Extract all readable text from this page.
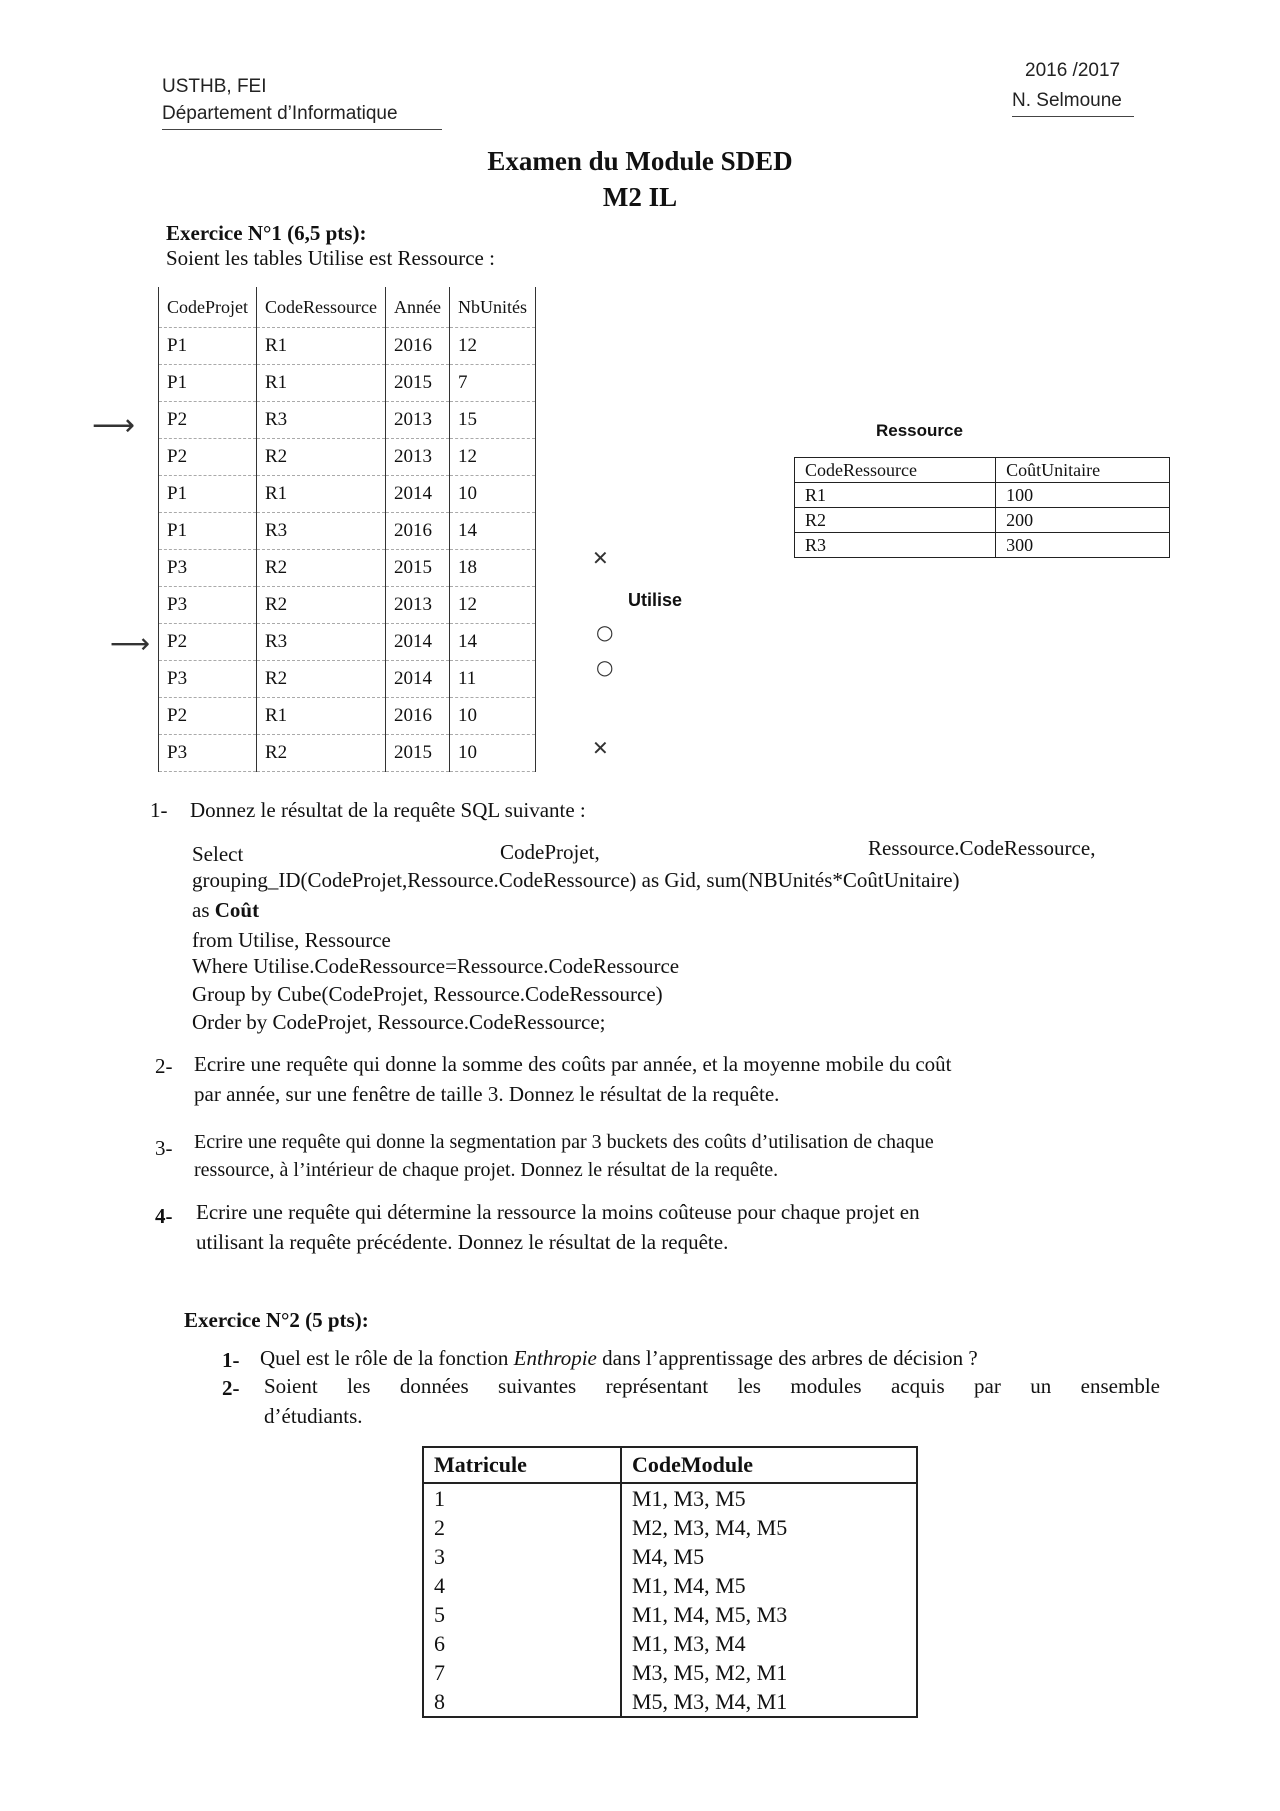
USTHB, FEI
Département d’Informatique
2016 /2017
N. Selmoune
Examen du Module SDED
M2 IL
Exercice N°1 (6,5 pts):
Soient les tables Utilise est Ressource :
CodeProjet	CodeRessource	Année	NbUnités
P1	R1	2016	12
P1	R1	2015	7
P2	R3	2013	15
P2	R2	2013	12
P1	R1	2014	10
P1	R3	2016	14
P3	R2	2015	18
P3	R2	2013	12
P2	R3	2014	14
P3	R2	2014	11
P2	R1	2016	10
P3	R2	2015	10
Utilise
⟶
⟶
✕
✕
○
○
Ressource
CodeRessource	CoûtUnitaire
R1	100
R2	200
R3	300
1- Donnez le résultat de la requête SQL suivante :
Select	CodeProjet,	Ressource.CodeRessource,
grouping_ID(CodeProjet,Ressource.CodeRessource) as Gid, sum(NBUnités*CoûtUnitaire)
as Coût
from Utilise, Ressource
Where Utilise.CodeRessource=Ressource.CodeRessource
Group by Cube(CodeProjet, Ressource.CodeRessource)
Order by CodeProjet, Ressource.CodeRessource;
2- Ecrire une requête qui donne la somme des coûts par année, et la moyenne mobile du coût
par année, sur une fenêtre de taille 3. Donnez le résultat de la requête.
3- Ecrire une requête qui donne la segmentation par 3 buckets des coûts d’utilisation de chaque
ressource, à l’intérieur de chaque projet. Donnez le résultat de la requête.
4- Ecrire une requête qui détermine la ressource la moins coûteuse pour chaque projet en
utilisant la requête précédente. Donnez le résultat de la requête.
Exercice N°2 (5 pts):
1- Quel est le rôle de la fonction Enthropie dans l’apprentissage des arbres de décision ?
2- Soient les données suivantes représentant les modules acquis par un ensemble
d’étudiants.
Matricule	CodeModule
1	M1, M3, M5
2	M2, M3, M4, M5
3	M4, M5
4	M1, M4, M5
5	M1, M4, M5, M3
6	M1, M3, M4
7	M3, M5, M2, M1
8	M5, M3, M4, M1
